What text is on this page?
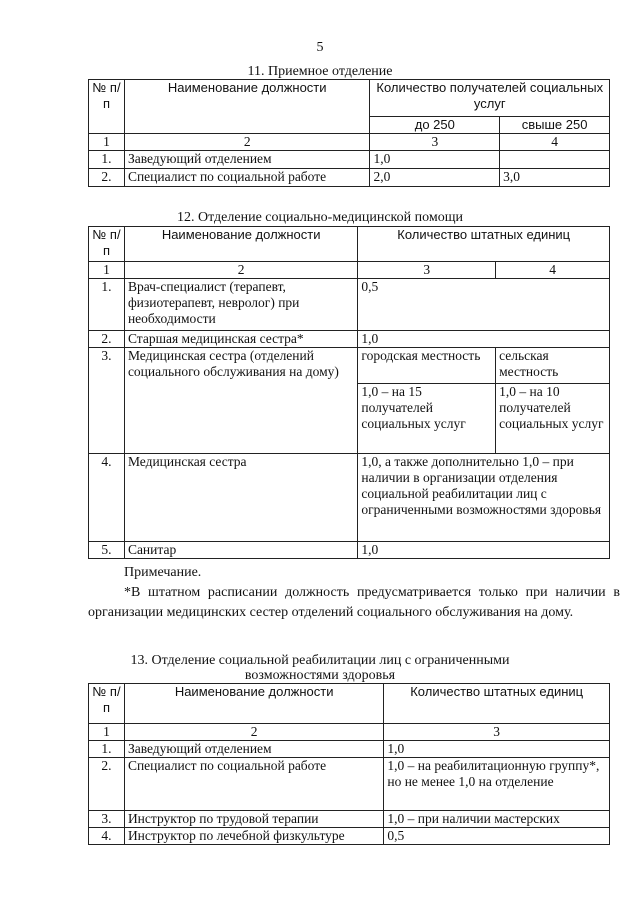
5
11. Приемное отделение
№ п/п	Наименование должности	Количество получателей социальных услуг	
		до 250	свыше 250
1	2	3	4
1.	Заведующий отделением	1,0	
2.	Специалист по социальной работе	2,0	3,0
12. Отделение социально-медицинской помощи
№ п/п	Наименование должности	Количество штатных единиц	
1	2	3	4
1.	Врач-специалист (терапевт, физиотерапевт, невролог) при необходимости	0,5	
2.	Старшая медицинская сестра*	1,0	
3.	Медицинская сестра (отделений социального обслуживания на дому)	городская местность	сельская местность
		1,0 – на 15 получателей социальных услуг	1,0 – на 10 получателей социальных услуг
4.	Медицинская сестра	1,0, а также дополнительно 1,0 – при наличии в организации отделения социальной реабилитации лиц с ограниченными возможностями здоровья	
5.	Санитар	1,0	
Примечание.
*В штатном расписании должность предусматривается только при наличии в организации медицинских сестер отделений социального обслуживания на дому.
13. Отделение социальной реабилитации лиц с ограниченными
возможностями здоровья
№ п/п	Наименование должности	Количество штатных единиц
1	2	3
1.	Заведующий отделением	1,0
2.	Специалист по социальной работе	1,0 – на реабилитационную группу*, но не менее 1,0 на отделение
3.	Инструктор по трудовой терапии	1,0 – при наличии мастерских
4.	Инструктор по лечебной физкультуре	0,5
